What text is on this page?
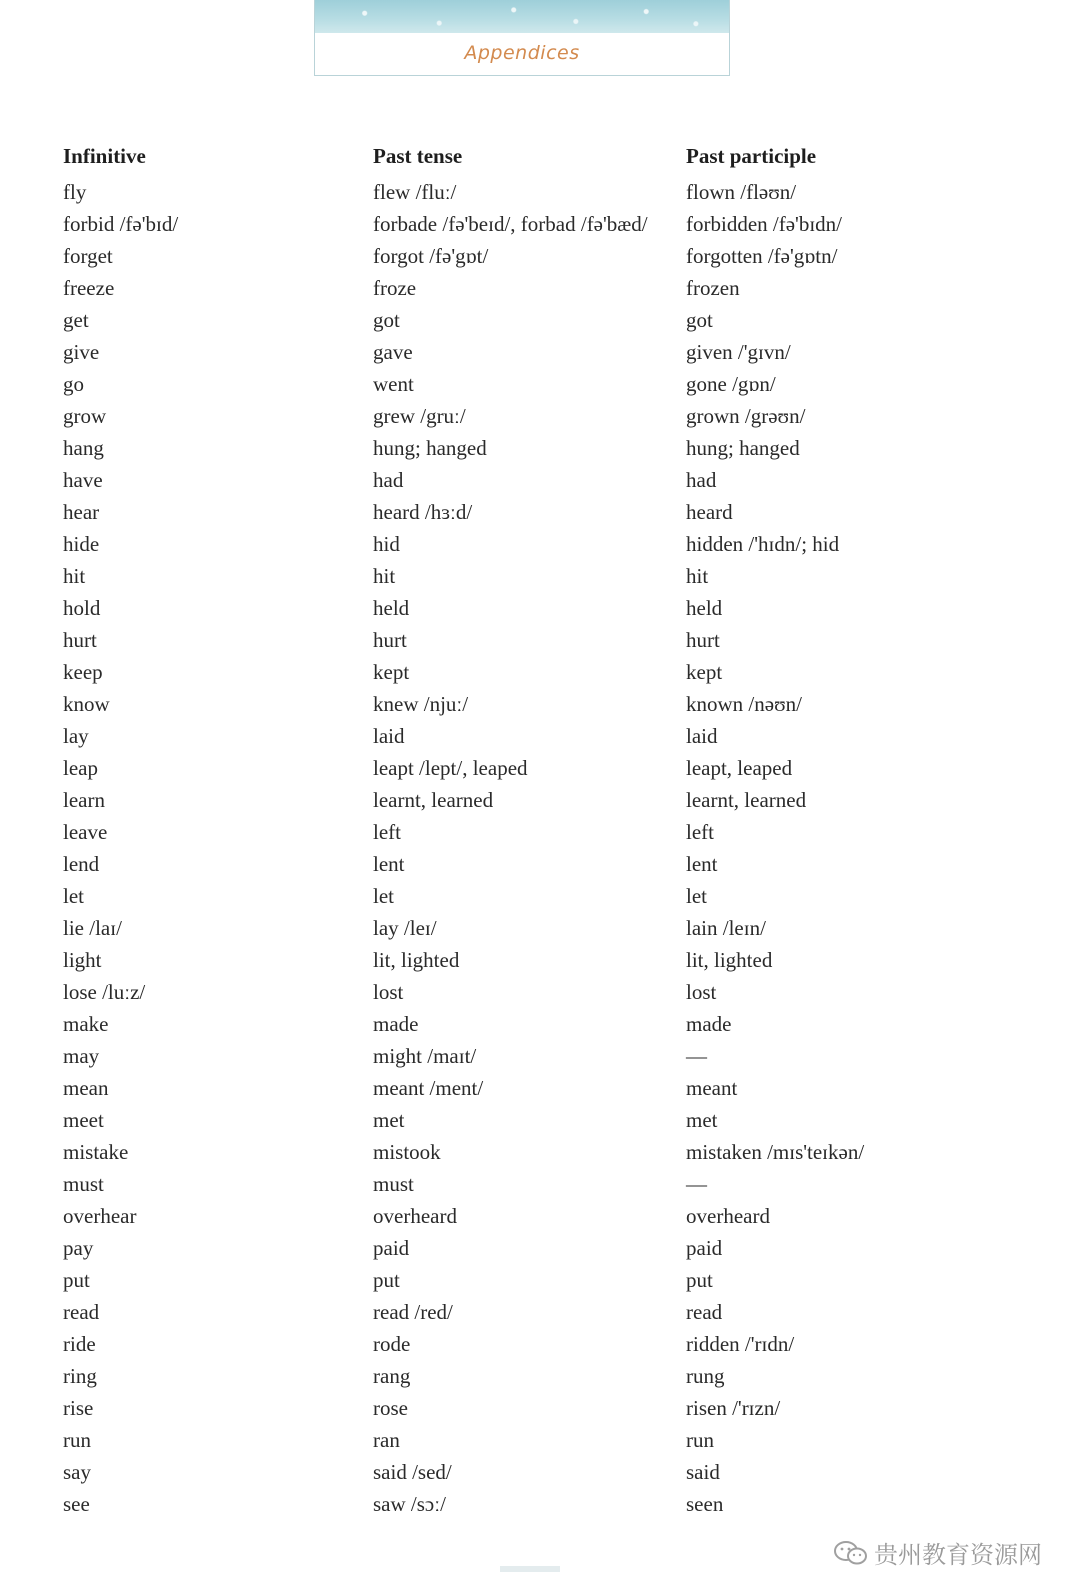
Appendices
Infinitive	Past tense	Past participle
fly	flew /fluː/	flown /fləʊn/
forbid /fə'bɪd/	forbade /fə'beɪd/, forbad /fə'bæd/	forbidden /fə'bɪdn/
forget	forgot /fə'gɒt/	forgotten /fə'gɒtn/
freeze	froze	frozen
get	got	got
give	gave	given /'gɪvn/
go	went	gone /gɒn/
grow	grew /gruː/	grown /grəʊn/
hang	hung; hanged	hung; hanged
have	had	had
hear	heard /hɜːd/	heard
hide	hid	hidden /'hɪdn/; hid
hit	hit	hit
hold	held	held
hurt	hurt	hurt
keep	kept	kept
know	knew /njuː/	known /nəʊn/
lay	laid	laid
leap	leapt /lept/, leaped	leapt, leaped
learn	learnt, learned	learnt, learned
leave	left	left
lend	lent	lent
let	let	let
lie /laɪ/	lay /leɪ/	lain /leɪn/
light	lit, lighted	lit, lighted
lose /luːz/	lost	lost
make	made	made
may	might /maɪt/	—
mean	meant /ment/	meant
meet	met	met
mistake	mistook	mistaken /mɪs'teɪkən/
must	must	—
overhear	overheard	overheard
pay	paid	paid
put	put	put
read	read /red/	read
ride	rode	ridden /'rɪdn/
ring	rang	rung
rise	rose	risen /'rɪzn/
run	ran	run
say	said /sed/	said
see	saw /sɔː/	seen
贵州教育资源网
